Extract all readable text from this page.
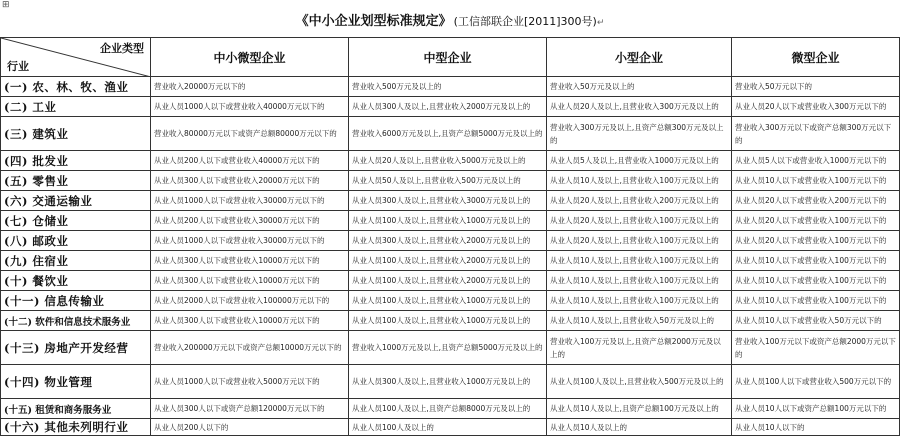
⊞
《中小企业划型标准规定》 (工信部联企业[2011]300号)↵
企业类型
行业	中小微型企业	中型企业	小型企业	微型企业
(一) 农、林、牧、渔业	营业收入20000万元以下的	营业收入500万元及以上的	营业收入50万元及以上的	营业收入50万元以下的
(二) 工业	从业人员1000人以下或营业收入40000万元以下的	从业人员300人及以上,且营业收入2000万元及以上的	从业人员20人及以上,且营业收入300万元及以上的	从业人员20人以下或营业收入300万元以下的
(三) 建筑业	营业收入80000万元以下或资产总额80000万元以下的	营业收入6000万元及以上,且资产总额5000万元及以上的	营业收入300万元及以上,且资产总额300万元及以上的	营业收入300万元以下或资产总额300万元以下的
(四) 批发业	从业人员200人以下或营业收入40000万元以下的	从业人员20人及以上,且营业收入5000万元及以上的	从业人员5人及以上,且营业收入1000万元及以上的	从业人员5人以下或营业收入1000万元以下的
(五) 零售业	从业人员300人以下或营业收入20000万元以下的	从业人员50人及以上,且营业收入500万元及以上的	从业人员10人及以上,且营业收入100万元及以上的	从业人员10人以下或营业收入100万元以下的
(六) 交通运输业	从业人员1000人以下或营业收入30000万元以下的	从业人员300人及以上,且营业收入3000万元及以上的	从业人员20人及以上,且营业收入200万元及以上的	从业人员20人以下或营业收入200万元以下的
(七) 仓储业	从业人员200人以下或营业收入30000万元以下的	从业人员100人及以上,且营业收入1000万元及以上的	从业人员20人及以上,且营业收入100万元及以上的	从业人员20人以下或营业收入100万元以下的
(八) 邮政业	从业人员1000人以下或营业收入30000万元以下的	从业人员300人及以上,且营业收入2000万元及以上的	从业人员20人及以上,且营业收入100万元及以上的	从业人员20人以下或营业收入100万元以下的
(九) 住宿业	从业人员300人以下或营业收入10000万元以下的	从业人员100人及以上,且营业收入2000万元及以上的	从业人员10人及以上,且营业收入100万元及以上的	从业人员10人以下或营业收入100万元以下的
(十) 餐饮业	从业人员300人以下或营业收入10000万元以下的	从业人员100人及以上,且营业收入2000万元及以上的	从业人员10人及以上,且营业收入100万元及以上的	从业人员10人以下或营业收入100万元以下的
(十一) 信息传输业	从业人员2000人以下或营业收入100000万元以下的	从业人员100人及以上,且营业收入1000万元及以上的	从业人员10人及以上,且营业收入100万元及以上的	从业人员10人以下或营业收入100万元以下的
(十二) 软件和信息技术服务业	从业人员300人以下或营业收入10000万元以下的	从业人员100人及以上,且营业收入1000万元及以上的	从业人员10人及以上,且营业收入50万元及以上的	从业人员10人以下或营业收入50万元以下的
(十三) 房地产开发经营	营业收入200000万元以下或资产总额10000万元以下的	营业收入1000万元及以上,且资产总额5000万元及以上的	营业收入100万元及以上,且资产总额2000万元及以上的	营业收入100万元以下或资产总额2000万元以下的
(十四) 物业管理	从业人员1000人以下或营业收入5000万元以下的	从业人员300人及以上,且营业收入1000万元及以上的	从业人员100人及以上,且营业收入500万元及以上的	从业人员100人以下或营业收入500万元以下的
(十五) 租赁和商务服务业	从业人员300人以下或资产总额120000万元以下的	从业人员100人及以上,且资产总额8000万元及以上的	从业人员10人及以上,且资产总额100万元及以上的	从业人员10人以下或资产总额100万元以下的
(十六) 其他未列明行业	从业人员200人以下的	从业人员100人及以上的	从业人员10人及以上的	从业人员10人以下的
